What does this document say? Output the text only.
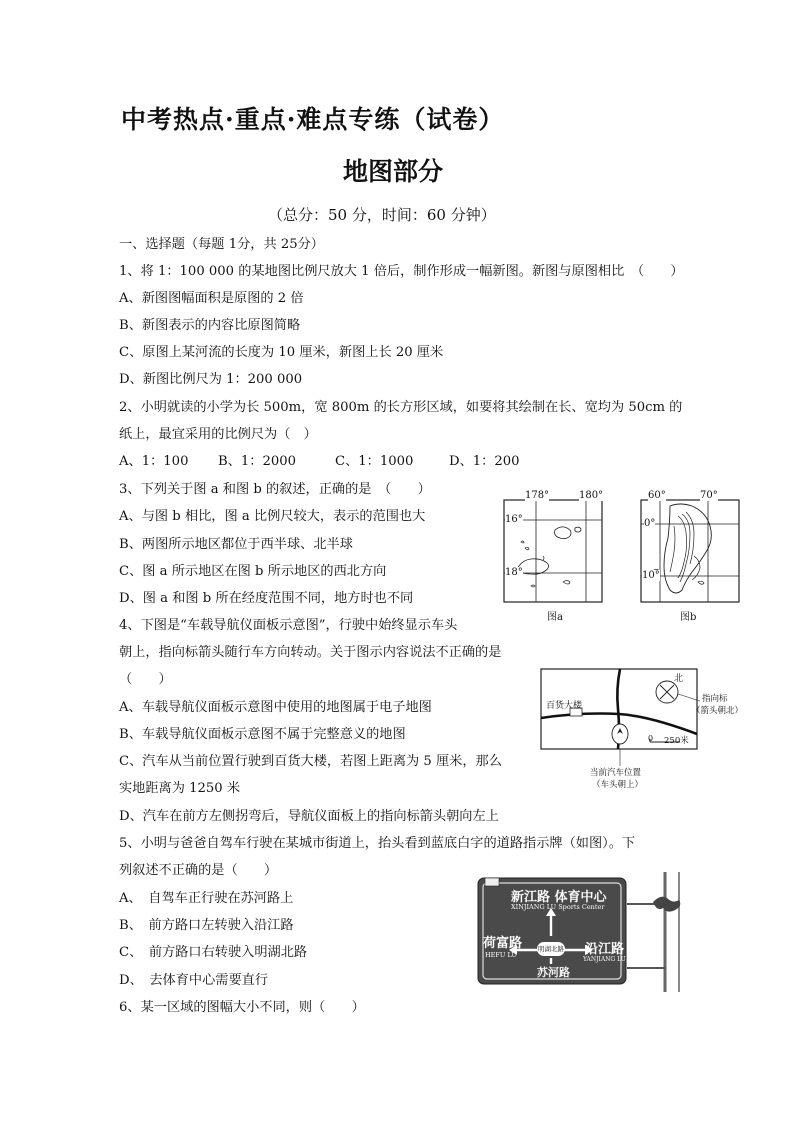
中考热点·重点·难点专练（试卷）
地图部分
（总分：50 分，时间：60 分钟）
一、选择题（每题 1分，共 25分）
1、将 1：100 000 的某地图比例尺放大 1 倍后，制作形成一幅新图。新图与原图相比　（　　）
A、新图图幅面积是原图的 2 倍
B、新图表示的内容比原图简略
C、原图上某河流的长度为 10 厘米，新图上长 20 厘米
D、新图比例尺为 1：200 000
2、小明就读的小学为长 500m，宽 800m 的长方形区域，如要将其绘制在长、宽均为 50cm 的
纸上，最宜采用的比例尺为（　）
A、1：100 B、1：2000	C、1：1000	D、1：200
3、下列关于图 a 和图 b 的叙述，正确的是　（　　）
A、与图 b 相比，图 a 比例尺较大，表示的范围也大
B、两图所示地区都位于西半球、北半球
C、图 a 所示地区在图 b 所示地区的西北方向
D、图 a 和图 b 所在经度范围不同，地方时也不同
178°	180°
16°
18°
图a
60°	70°
0°
10°
图b
4、下图是“车载导航仪面板示意图”，行驶中始终显示车头
朝上，指向标箭头随行车方向转动。关于图示内容说法不正确的是
（　　）
A、车载导航仪面板示意图中使用的地图属于电子地图
B、车载导航仪面板示意图不属于完整意义的地图
C、汽车从当前位置行驶到百货大楼，若图上距离为 5 厘米，那么
实地距离为 1250 米
D、汽车在前方左侧拐弯后，导航仪面板上的指向标箭头朝向左上
百货大楼
北
指向标
（箭头朝北）
0 250米
当前汽车位置
（车头朝上）
5、小明与爸爸自驾车行驶在某城市街道上，抬头看到蓝底白字的道路指示牌（如图）。下
列叙述不正确的是（　　）
A、　自驾车正行驶在苏河路上
B、　前方路口左转驶入沿江路
C、　前方路口右转驶入明湖北路
D、　去体育中心需要直行
新江路 体育中心
XINJIANG LU Sports Center
荷富路
HEFU LU	沿江路
YANJIANG LU
明湖北路
苏河路
6、某一区域的图幅大小不同，则（　　）
